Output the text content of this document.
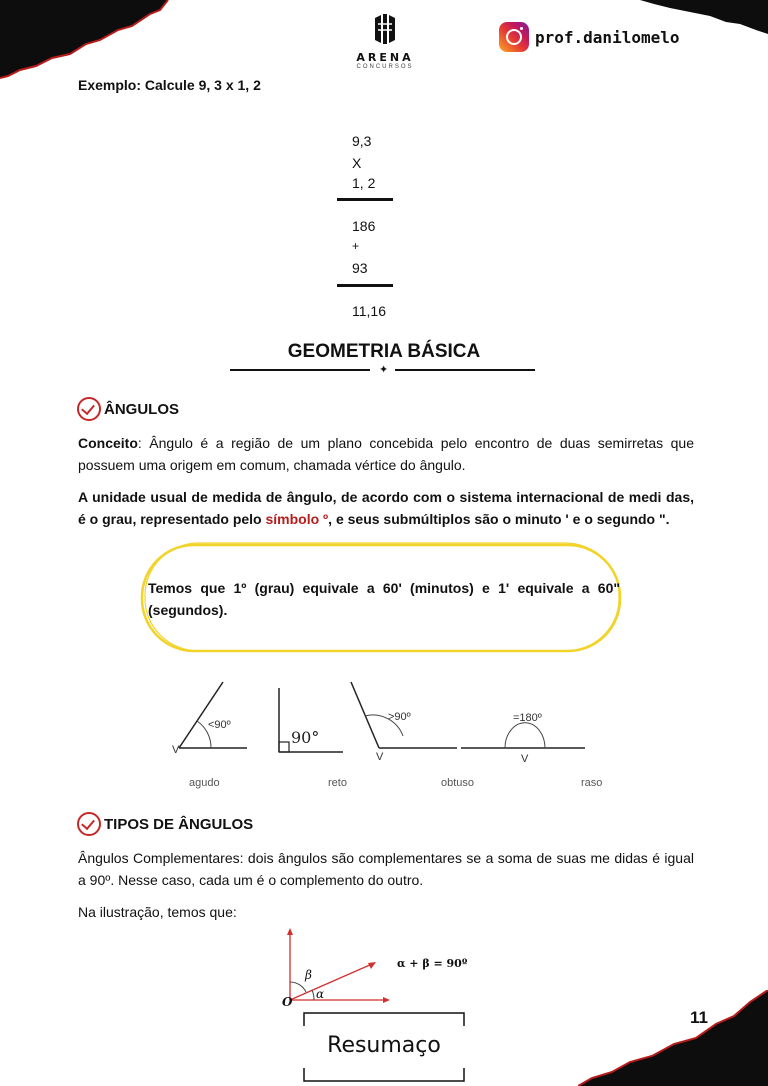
ARENA
CONCURSOS
prof.danilomelo
Exemplo: Calcule 9, 3 x 1, 2
9,3
X
1, 2
186
+
93
11,16
GEOMETRIA BÁSICA
✦
ÂNGULOS

Conceito: Ângulo é a região de um plano concebida pelo encontro de duas semirretas que possuem uma origem em comum, chamada vértice do ângulo.

A unidade usual de medida de ângulo, de acordo com o sistema internacional de medi das, é o grau, representado pelo símbolo º, e seus submúltiplos são o minuto ' e o segundo ".

Temos que 1º (grau) equivale a 60' (minutos) e 1' equivale a 60" (segundos).
<90º
90°
>90º	=180º
V
V	V
agudo	reto	obtuso	raso
TIPOS DE ÂNGULOS

Ângulos Complementares: dois ângulos são complementares se a soma de suas me didas é igual a 90º. Nesse caso, cada um é o complemento do outro.

Na ilustração, temos que:

β
α
O
α + β = 90º
Resumaço
11
